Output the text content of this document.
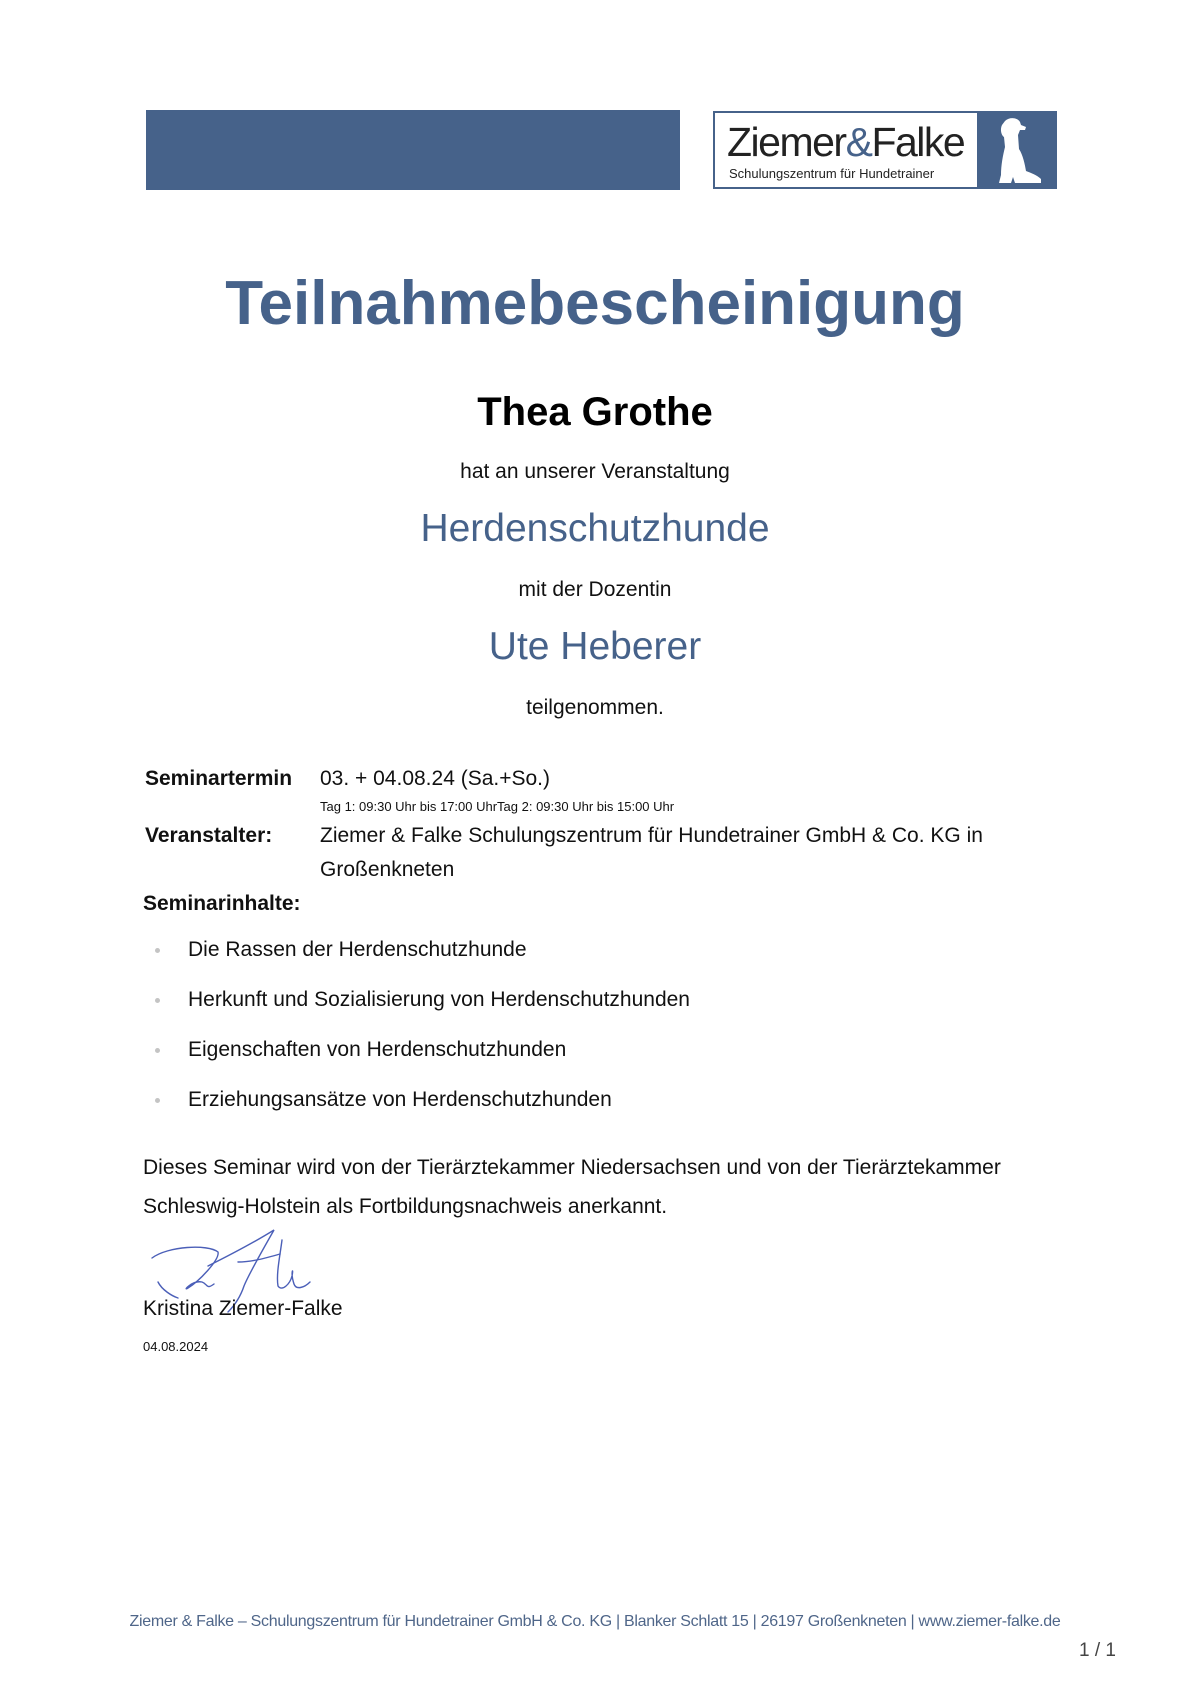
Ziemer&Falke
Schulungszentrum für Hundetrainer
Teilnahmebescheinigung
Thea Grothe
hat an unserer Veranstaltung
Herdenschutzhunde
mit der Dozentin
Ute Heberer
teilgenommen.
Seminartermin 03. + 04.08.24 (Sa.+So.)
Tag 1: 09:30 Uhr bis 17:00 UhrTag 2: 09:30 Uhr bis 15:00 Uhr
Veranstalter: Ziemer & Falke Schulungszentrum für Hundetrainer GmbH & Co. KG in
Großenkneten
Seminarinhalte:
Die Rassen der Herdenschutzhunde
Herkunft und Sozialisierung von Herdenschutzhunden
Eigenschaften von Herdenschutzhunden
Erziehungsansätze von Herdenschutzhunden
Dieses Seminar wird von der Tierärztekammer Niedersachsen und von der Tierärztekammer Schleswig-Holstein als Fortbildungsnachweis anerkannt.
Kristina Ziemer-Falke
04.08.2024
Ziemer & Falke – Schulungszentrum für Hundetrainer GmbH & Co. KG | Blanker Schlatt 15 | 26197 Großenkneten | www.ziemer-falke.de
1 / 1
